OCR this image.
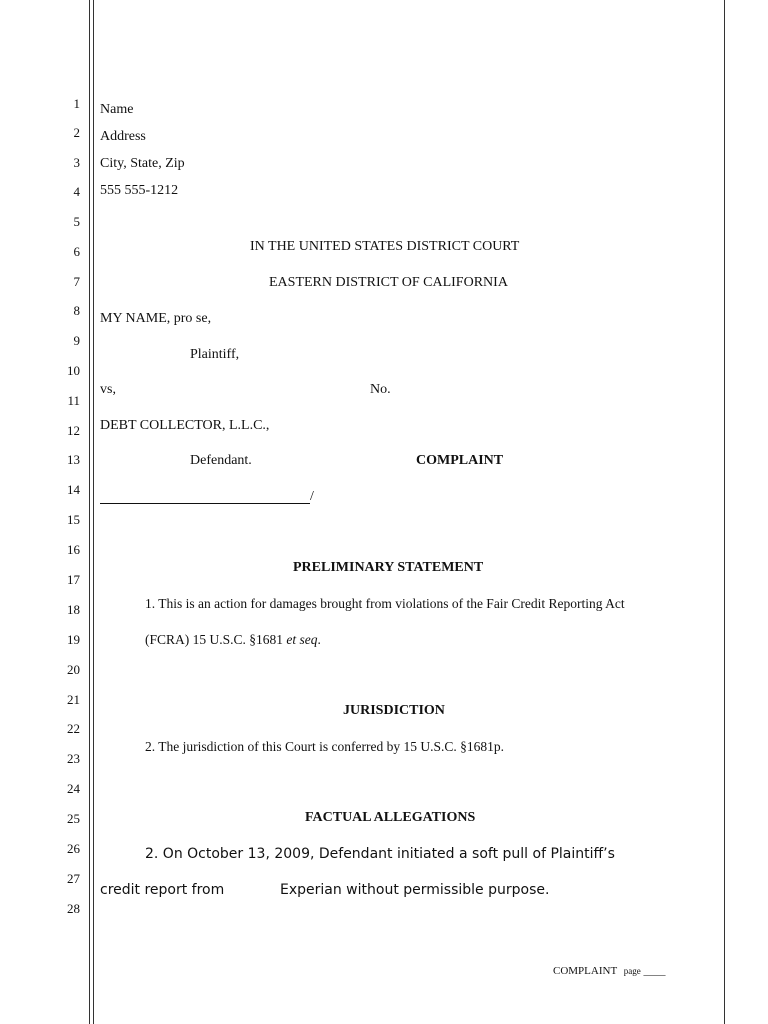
1
2
3
4
5
6
7
8
9
10
11
12
13
14
15
16
17
18
19
20
21
22
23
24
25
26
27
28
Name
Address
City, State, Zip
555 555-1212
IN THE UNITED STATES DISTRICT COURT
EASTERN DISTRICT OF CALIFORNIA
MY NAME, pro se,
Plaintiff,
vs,	No.
DEBT COLLECTOR, L.L.C.,
Defendant.	COMPLAINT
/
PRELIMINARY STATEMENT
1. This is an action for damages brought from violations of the Fair Credit Reporting Act
(FCRA) 15 U.S.C. §1681 et seq.
JURISDICTION
2. The jurisdiction of this Court is conferred by 15 U.S.C. §1681p.
FACTUAL ALLEGATIONS
2. On October 13, 2009, Defendant initiated a soft pull of Plaintiff’s
credit report from	Experian without permissible purpose.
COMPLAINT page ____
